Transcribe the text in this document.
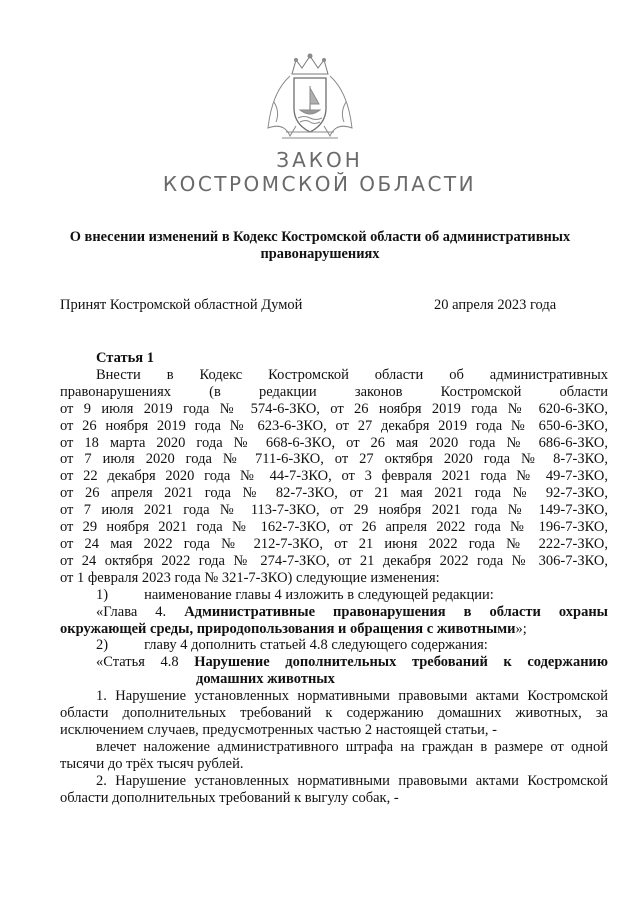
ЗАКОН
КОСТРОМСКОЙ ОБЛАСТИ
О внесении изменений в Кодекс Костромской области об административных правонарушениях
Принят Костромской областной Думой	20 апреля 2023 года

Статья 1

Внести в Кодекс Костромской области об административных

правонарушениях (в редакции законов Костромской области

от 9 июля 2019 года № 574-6-ЗКО, от 26 ноября 2019 года № 620-6-ЗКО,

от 26 ноября 2019 года № 623-6-ЗКО, от 27 декабря 2019 года № 650-6-ЗКО,

от 18 марта 2020 года № 668-6-ЗКО, от 26 мая 2020 года № 686-6-ЗКО,

от 7 июля 2020 года № 711-6-ЗКО, от 27 октября 2020 года № 8-7-ЗКО,

от 22 декабря 2020 года № 44-7-ЗКО, от 3 февраля 2021 года № 49-7-ЗКО,

от 26 апреля 2021 года № 82-7-ЗКО, от 21 мая 2021 года № 92-7-ЗКО,

от 7 июля 2021 года № 113-7-ЗКО, от 29 ноября 2021 года № 149-7-ЗКО,

от 29 ноября 2021 года № 162-7-ЗКО, от 26 апреля 2022 года № 196-7-ЗКО,

от 24 мая 2022 года № 212-7-ЗКО, от 21 июня 2022 года № 222-7-ЗКО,

от 24 октября 2022 года № 274-7-ЗКО, от 21 декабря 2022 года № 306-7-ЗКО,

от 1 февраля 2023 года № 321-7-ЗКО) следующие изменения:

1) наименование главы 4 изложить в следующей редакции:

«Глава 4. Административные правонарушения в области охраны

окружающей среды, природопользования и обращения с животными»;

2) главу 4 дополнить статьей 4.8 следующего содержания:

«Статья 4.8 Нарушение дополнительных требований к содержанию

домашних животных

1. Нарушение установленных нормативными правовыми актами Костромской области дополнительных требований к содержанию домашних животных, за исключением случаев, предусмотренных частью 2 настоящей статьи, -

влечет наложение административного штрафа на граждан в размере от одной тысячи до трёх тысяч рублей.

2. Нарушение установленных нормативными правовыми актами Костромской области дополнительных требований к выгулу собак, -
